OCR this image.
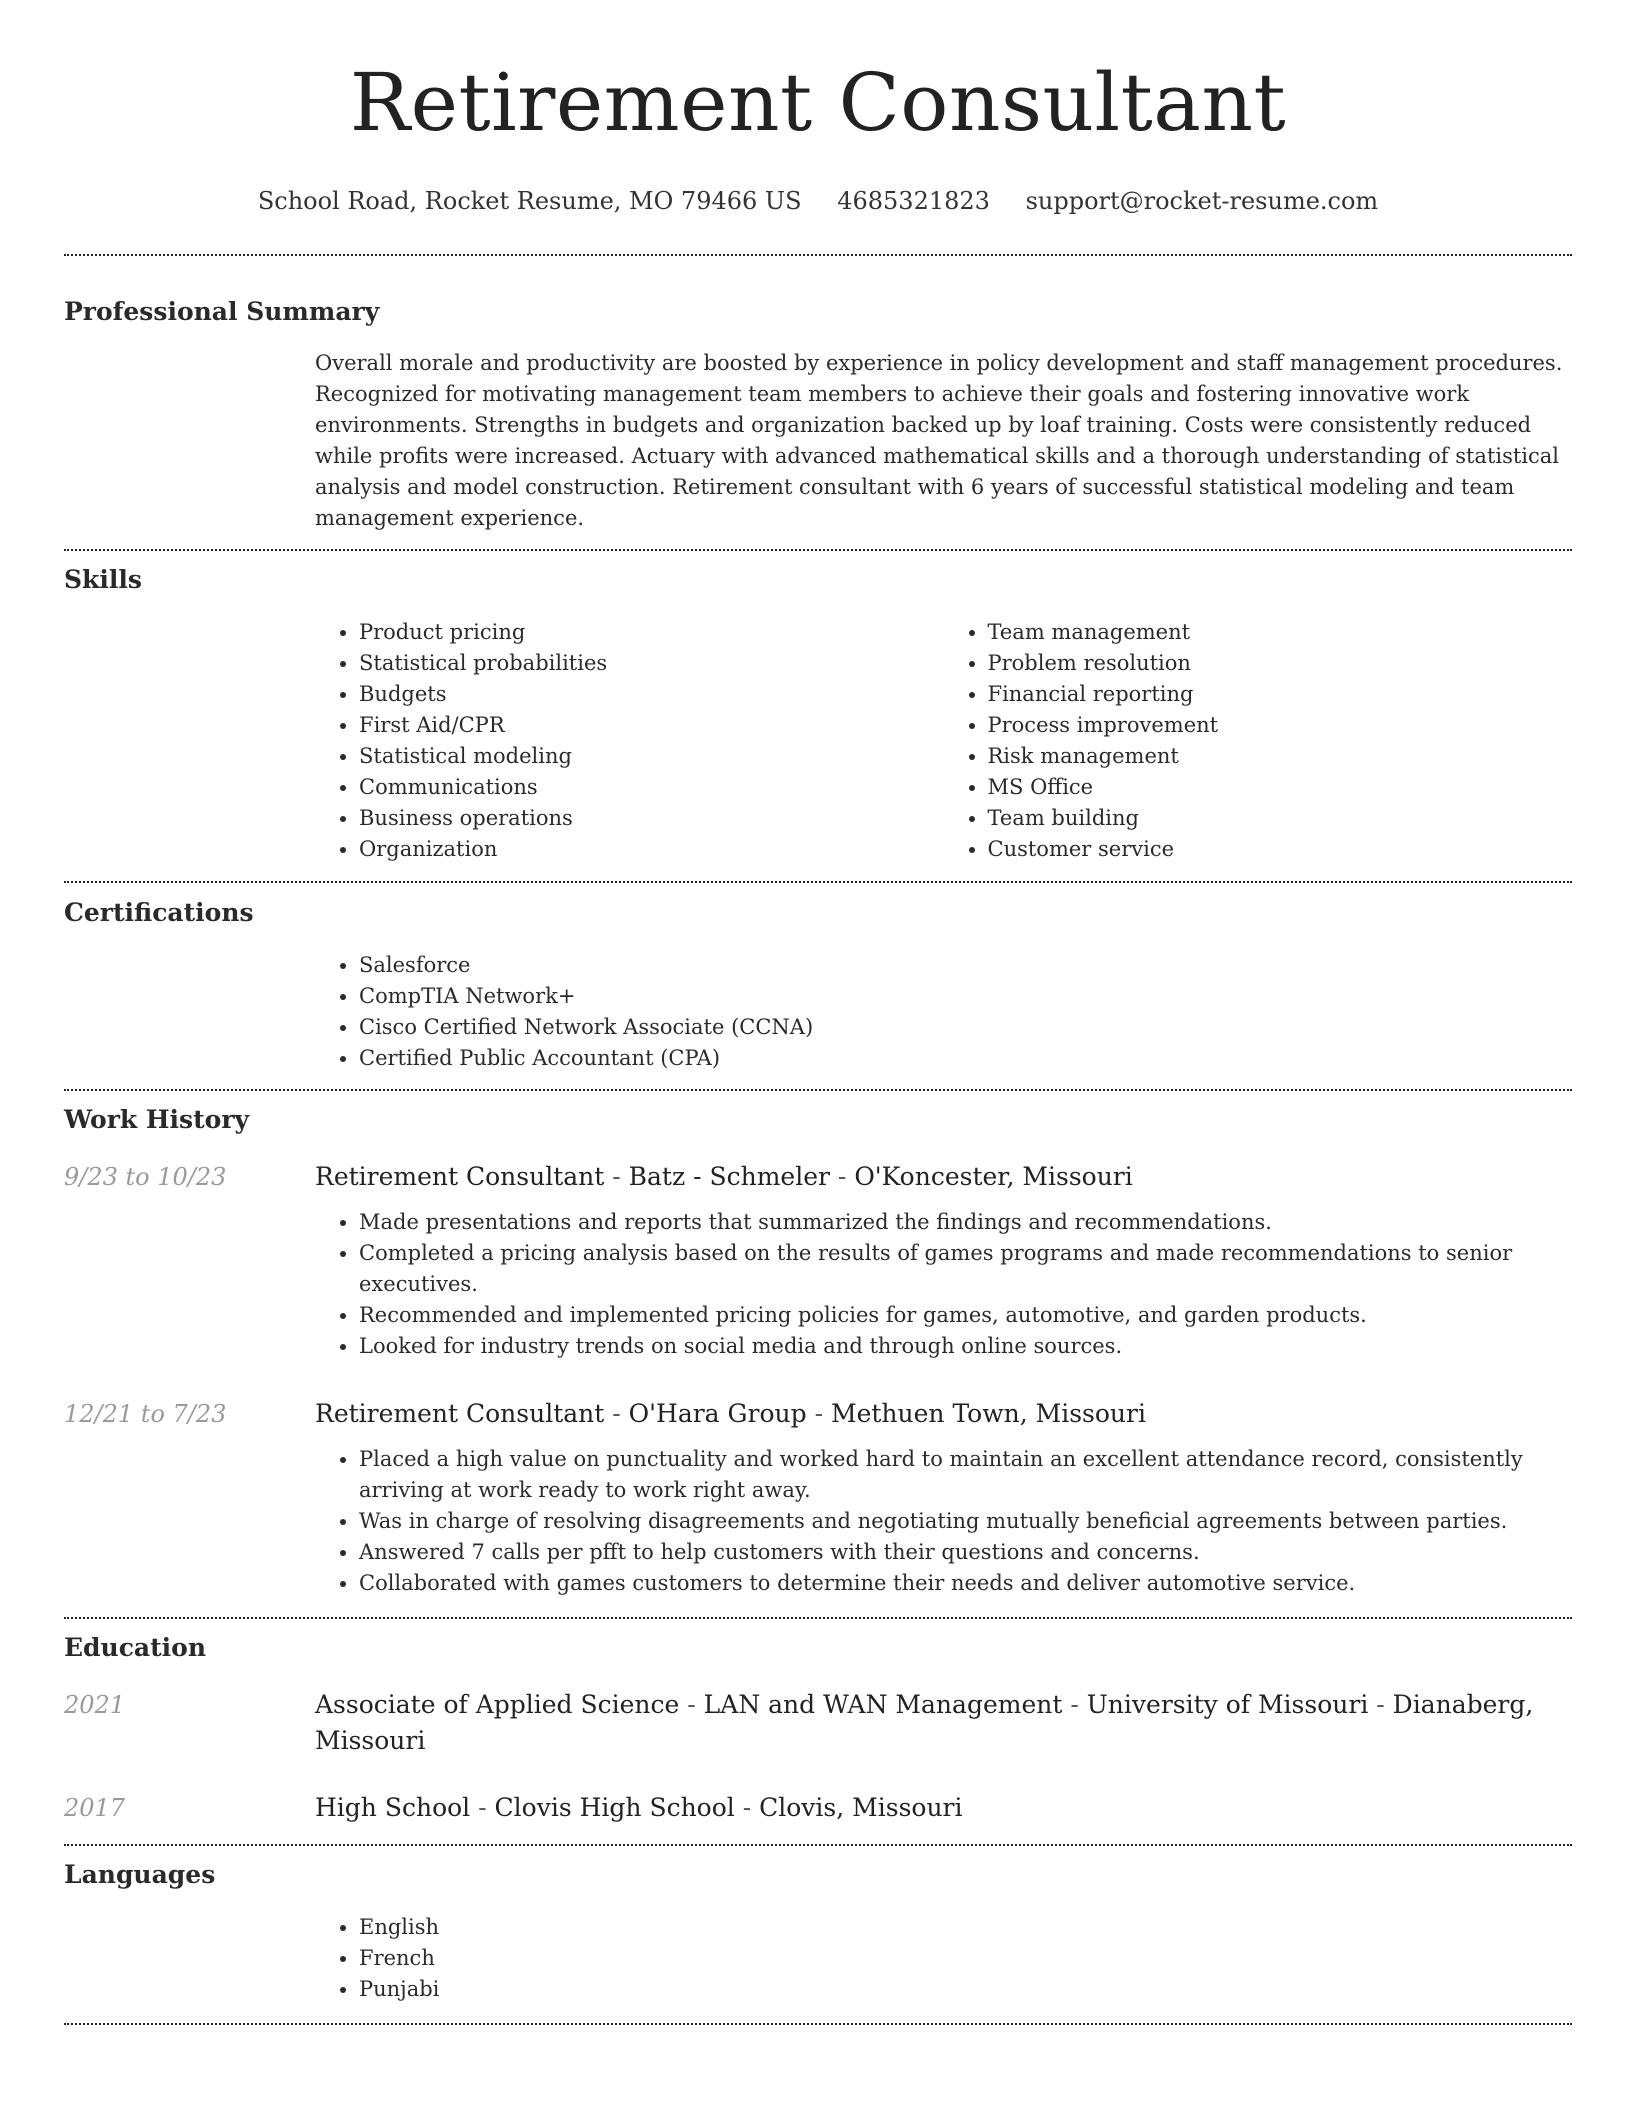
Retirement Consultant
School Road, Rocket Resume, MO 79466 US 4685321823 support@rocket-resume.com
Professional Summary

Overall morale and productivity are boosted by experience in policy development and staff management procedures. Recognized for motivating management team members to achieve their goals and fostering innovative work environments. Strengths in budgets and organization backed up by loaf training. Costs were consistently reduced while profits were increased. Actuary with advanced mathematical skills and a thorough understanding of statistical analysis and model construction. Retirement consultant with 6 years of successful statistical modeling and team management experience.

Skills
• Product pricing
• Statistical probabilities
• Budgets
• First Aid/CPR
• Statistical modeling
• Communications
• Business operations
• Organization
• Team management
• Problem resolution
• Financial reporting
• Process improvement
• Risk management
• MS Office
• Team building
• Customer service
Certifications
• Salesforce
• CompTIA Network+
• Cisco Certified Network Associate (CCNA)
• Certified Public Accountant (CPA)
Work History
9/23 to 10/23	Retirement Consultant - Batz - Schmeler - O'Koncester, Missouri
• Made presentations and reports that summarized the findings and recommendations.
• Completed a pricing analysis based on the results of games programs and made recommendations to senior executives.
• Recommended and implemented pricing policies for games, automotive, and garden products.
• Looked for industry trends on social media and through online sources.
12/21 to 7/23	Retirement Consultant - O'Hara Group - Methuen Town, Missouri
• Placed a high value on punctuality and worked hard to maintain an excellent attendance record, consistently arriving at work ready to work right away.
• Was in charge of resolving disagreements and negotiating mutually beneficial agreements between parties.
• Answered 7 calls per pfft to help customers with their questions and concerns.
• Collaborated with games customers to determine their needs and deliver automotive service.
Education
2021	Associate of Applied Science - LAN and WAN Management - University of Missouri - Dianaberg, Missouri
2017	High School - Clovis High School - Clovis, Missouri
Languages
• English
• French
• Punjabi
